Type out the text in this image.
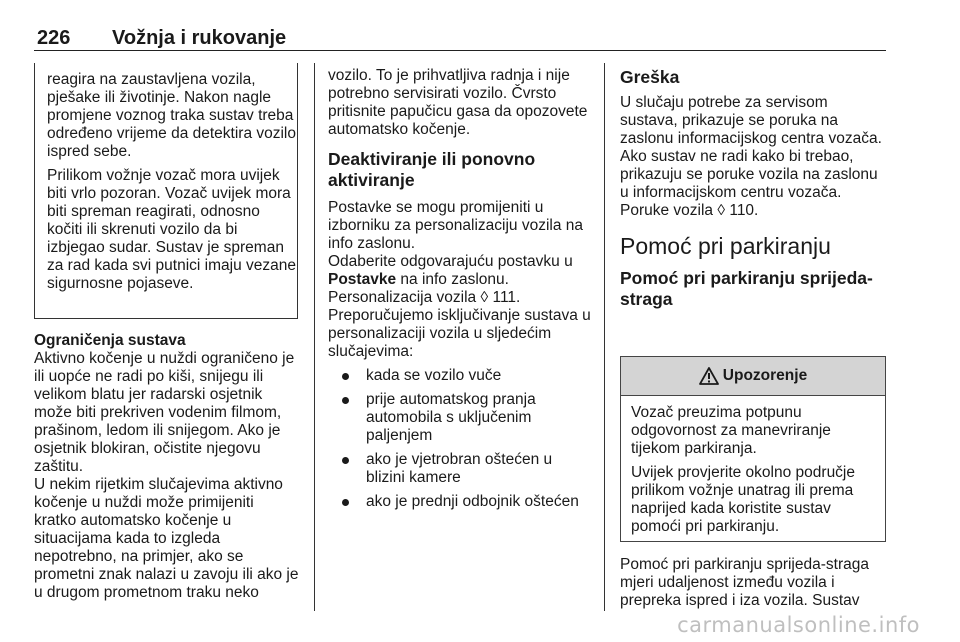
226 Vožnja i rukovanje

reagira na zaustavljena vozila, pješake ili životinje. Nakon nagle promjene voznog traka sustav treba određeno vrijeme da detektira vozilo ispred sebe.

Prilikom vožnje vozač mora uvijek biti vrlo pozoran. Vozač uvijek mora biti spreman reagirati, odnosno kočiti ili skrenuti vozilo da bi izbjegao sudar. Sustav je spreman za rad kada svi putnici imaju vezane sigurnosne pojaseve.

Ograničenja sustava

Aktivno kočenje u nuždi ograničeno je ili uopće ne radi po kiši, snijegu ili velikom blatu jer radarski osjetnik može biti prekriven vodenim filmom, prašinom, ledom ili snijegom. Ako je osjetnik blokiran, očistite njegovu zaštitu.

U nekim rijetkim slučajevima aktivno kočenje u nuždi može primijeniti kratko automatsko kočenje u situacijama kada to izgleda nepotrebno, na primjer, ako se prometni znak nalazi u zavoju ili ako je u drugom prometnom traku neko

vozilo. To je prihvatljiva radnja i nije potrebno servisirati vozilo. Čvrsto pritisnite papučicu gasa da opozovete automatsko kočenje.

Deaktiviranje ili ponovno aktiviranje

Postavke se mogu promijeniti u izborniku za personalizaciju vozila na info zaslonu.

Odaberite odgovarajuću postavku u Postavke na info zaslonu.

Personalizacija vozila ◊ 111.

Preporučujemo isključivanje sustava u personalizaciji vozila u sljedećim slučajevima:

kada se vozilo vuče
prije automatskog pranja automobila s uključenim paljenjem
ako je vjetrobran oštećen u blizini kamere
ako je prednji odbojnik oštećen

Greška

U slučaju potrebe za servisom sustava, prikazuje se poruka na zaslonu informacijskog centra vozača.

Ako sustav ne radi kako bi trebao, prikazuju se poruke vozila na zaslonu u informacijskom centru vozača.

Poruke vozila ◊ 110.

Pomoć pri parkiranju

Pomoć pri parkiranju sprijeda-straga

Upozorenje

Vozač preuzima potpunu odgovornost za manevriranje tijekom parkiranja.

Uvijek provjerite okolno područje prilikom vožnje unatrag ili prema naprijed kada koristite sustav pomoći pri parkiranju.

Pomoć pri parkiranju sprijeda-straga mjeri udaljenost između vozila i prepreka ispred i iza vozila. Sustav

carmanualsonline.info
